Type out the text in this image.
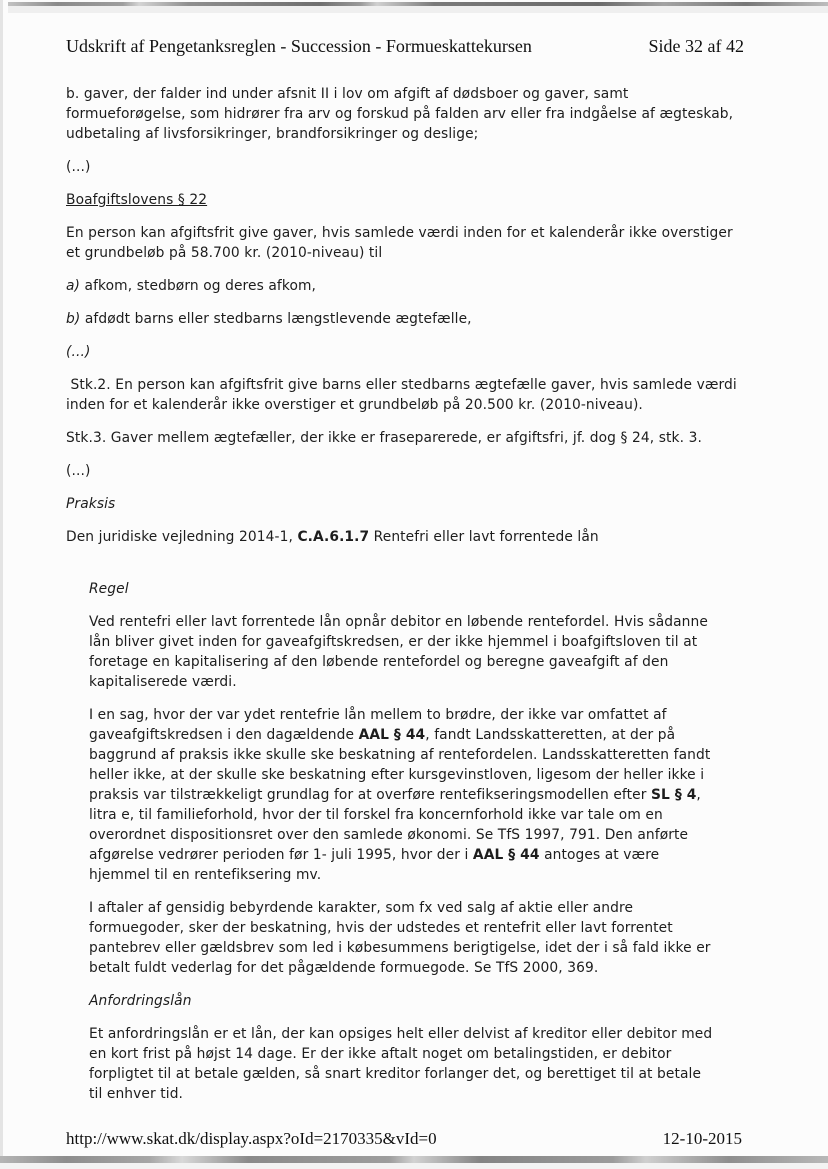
Udskrift af Pengetanksreglen - Succession - Formueskattekursen	Side 32 af 42
b. gaver, der falder ind under afsnit II i lov om afgift af dødsboer og gaver, samt
formueforøgelse, som hidrører fra arv og forskud på falden arv eller fra indgåelse af ægteskab,
udbetaling af livsforsikringer, brandforsikringer og deslige;
(...)
Boafgiftslovens § 22
En person kan afgiftsfrit give gaver, hvis samlede værdi inden for et kalenderår ikke overstiger
et grundbeløb på 58.700 kr. (2010-niveau) til
a) afkom, stedbørn og deres afkom,
b) afdødt barns eller stedbarns længstlevende ægtefælle,
(...)
Stk.2. En person kan afgiftsfrit give barns eller stedbarns ægtefælle gaver, hvis samlede værdi
inden for et kalenderår ikke overstiger et grundbeløb på 20.500 kr. (2010-niveau).
Stk.3. Gaver mellem ægtefæller, der ikke er fraseparerede, er afgiftsfri, jf. dog § 24, stk. 3.
(...)
Praksis
Den juridiske vejledning 2014-1, C.A.6.1.7 Rentefri eller lavt forrentede lån
Regel
Ved rentefri eller lavt forrentede lån opnår debitor en løbende rentefordel. Hvis sådanne
lån bliver givet inden for gaveafgiftskredsen, er der ikke hjemmel i boafgiftsloven til at
foretage en kapitalisering af den løbende rentefordel og beregne gaveafgift af den
kapitaliserede værdi.
I en sag, hvor der var ydet rentefrie lån mellem to brødre, der ikke var omfattet af
gaveafgiftskredsen i den dagældende AAL § 44, fandt Landsskatteretten, at der på
baggrund af praksis ikke skulle ske beskatning af rentefordelen. Landsskatteretten fandt
heller ikke, at der skulle ske beskatning efter kursgevinstloven, ligesom der heller ikke i
praksis var tilstrækkeligt grundlag for at overføre rentefikseringsmodellen efter SL § 4,
litra e, til familieforhold, hvor der til forskel fra koncernforhold ikke var tale om en
overordnet dispositionsret over den samlede økonomi. Se TfS 1997, 791. Den anførte
afgørelse vedrører perioden før 1- juli 1995, hvor der i AAL § 44 antoges at være
hjemmel til en rentefiksering mv.
I aftaler af gensidig bebyrdende karakter, som fx ved salg af aktie eller andre
formuegoder, sker der beskatning, hvis der udstedes et rentefrit eller lavt forrentet
pantebrev eller gældsbrev som led i købesummens berigtigelse, idet der i så fald ikke er
betalt fuldt vederlag for det pågældende formuegode. Se TfS 2000, 369.
Anfordringslån
Et anfordringslån er et lån, der kan opsiges helt eller delvist af kreditor eller debitor med
en kort frist på højst 14 dage. Er der ikke aftalt noget om betalingstiden, er debitor
forpligtet til at betale gælden, så snart kreditor forlanger det, og berettiget til at betale
til enhver tid.
http://www.skat.dk/display.aspx?oId=2170335&vId=0	12-10-2015
